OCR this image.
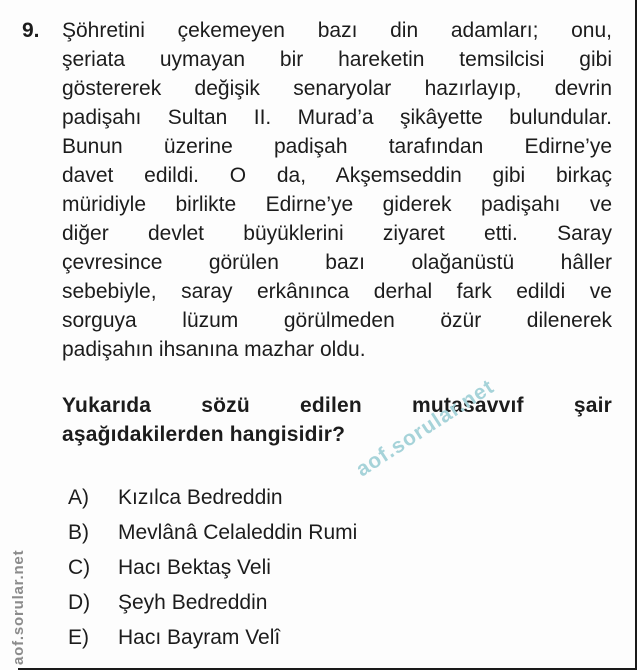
9.	Şöhretini çekemeyen bazı din adamları; onu,
şeriata uymayan bir hareketin temsilcisi gibi
göstererek değişik senaryolar hazırlayıp, devrin
padişahı Sultan II. Murad’a şikâyette bulundular.
Bunun üzerine padişah tarafından Edirne’ye
davet edildi. O da, Akşemseddin gibi birkaç
müridiyle birlikte Edirne’ye giderek padişahı ve
diğer devlet büyüklerini ziyaret etti. Saray
çevresince görülen bazı olağanüstü hâller
sebebiyle, saray erkânınca derhal fark edildi ve
sorguya lüzum görülmeden özür dilenerek
padişahın ihsanına mazhar oldu.
Yukarıda sözü edilen mutasavvıf şair
aşağıdakilerden hangisidir?
A)	Kızılca Bedreddin
B)	Mevlânâ Celaleddin Rumi
C)	Hacı Bektaş Veli
D)	Şeyh Bedreddin
E)	Hacı Bayram Velî
aof.sorular.net
aof.sorular.net
